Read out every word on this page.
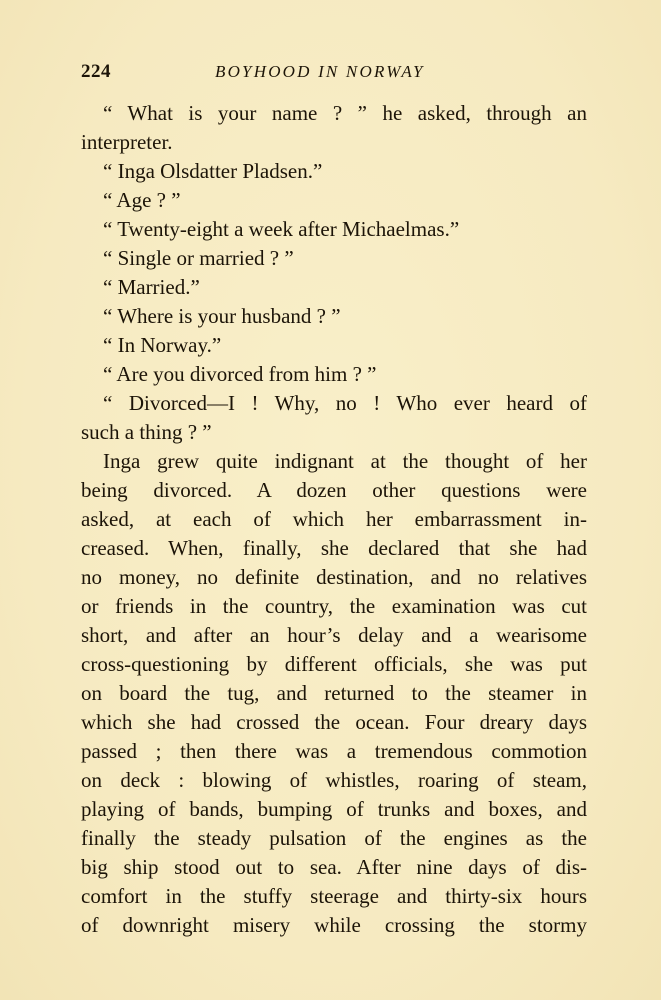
224	BOYHOOD IN NORWAY
“ What is your name ? ” he asked, through an
interpreter.
“ Inga Olsdatter Pladsen.”
“ Age ? ”
“ Twenty-eight a week after Michaelmas.”
“ Single or married ? ”
“ Married.”
“ Where is your husband ? ”
“ In Norway.”
“ Are you divorced from him ? ”
“ Divorced—I ! Why, no ! Who ever heard of
such a thing ? ”
Inga grew quite indignant at the thought of her
being divorced. A dozen other questions were
asked, at each of which her embarrassment in-
creased. When, finally, she declared that she had
no money, no definite destination, and no relatives
or friends in the country, the examination was cut
short, and after an hour’s delay and a wearisome
cross-questioning by different officials, she was put
on board the tug, and returned to the steamer in
which she had crossed the ocean. Four dreary days
passed ; then there was a tremendous commotion
on deck : blowing of whistles, roaring of steam,
playing of bands, bumping of trunks and boxes, and
finally the steady pulsation of the engines as the
big ship stood out to sea. After nine days of dis-
comfort in the stuffy steerage and thirty-six hours
of downright misery while crossing the stormy
